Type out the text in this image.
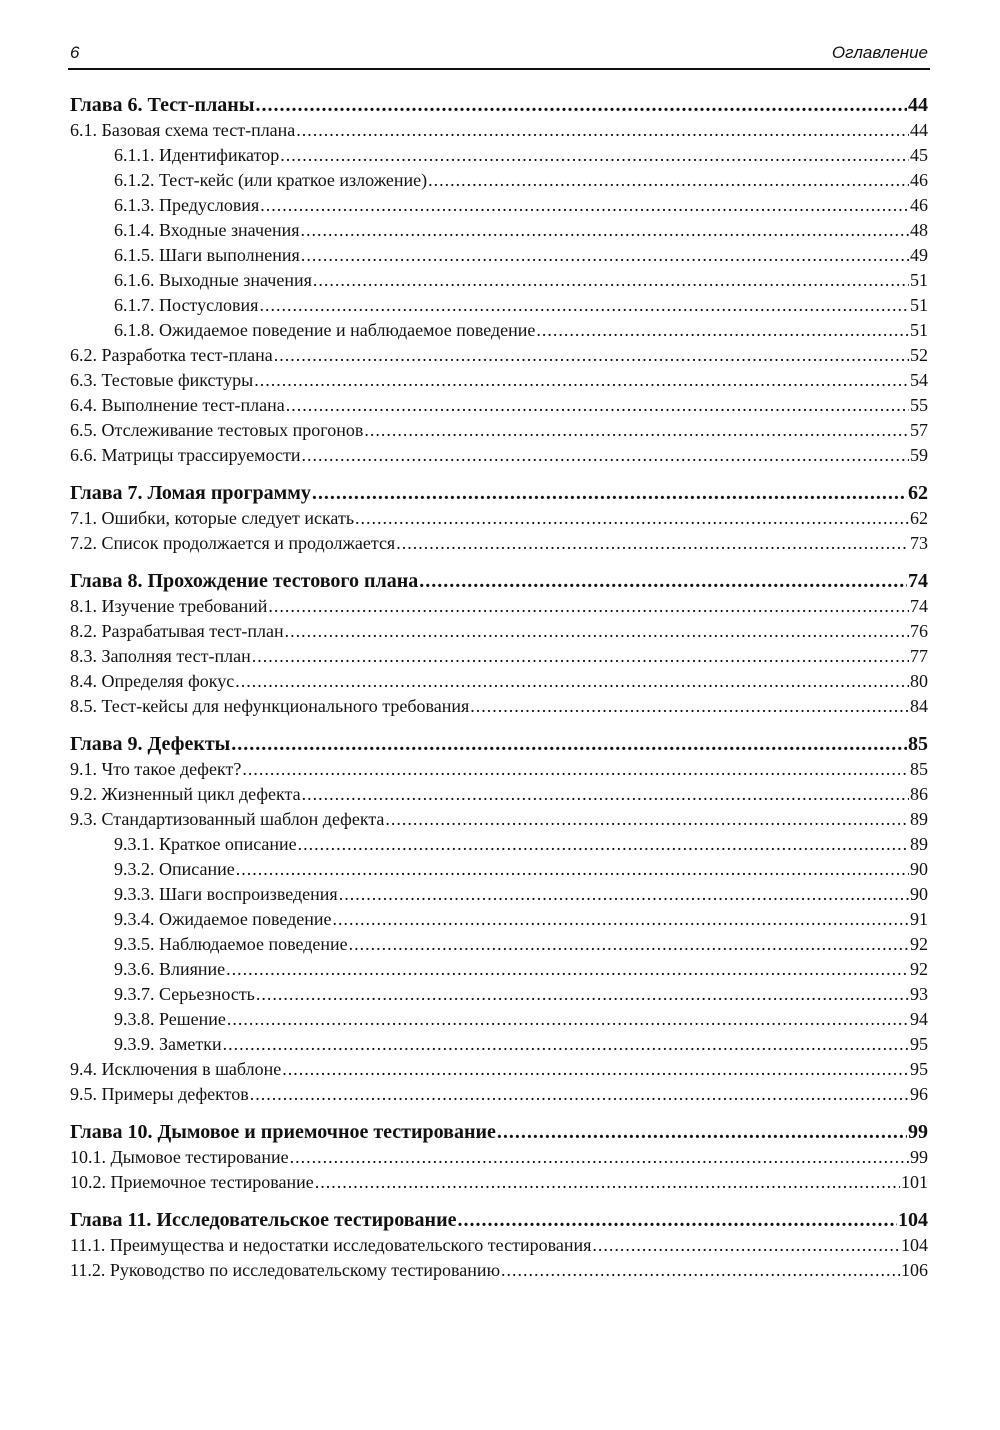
6	Оглавление
Глава 6. Тест-планы .....	44
6.1. Базовая схема тест-плана .....	44
6.1.1. Идентификатор .....	45
6.1.2. Тест-кейс (или краткое изложение) .....	46
6.1.3. Предусловия .....	46
6.1.4. Входные значения .....	48
6.1.5. Шаги выполнения .....	49
6.1.6. Выходные значения .....	51
6.1.7. Постусловия .....	51
6.1.8. Ожидаемое поведение и наблюдаемое поведение .....	51
6.2. Разработка тест-плана .....	52
6.3. Тестовые фикстуры .....	54
6.4. Выполнение тест-плана .....	55
6.5. Отслеживание тестовых прогонов .....	57
6.6. Матрицы трассируемости .....	59
Глава 7. Ломая программу .....	62
7.1. Ошибки, которые следует искать .....	62
7.2. Список продолжается и продолжается .....	73
Глава 8. Прохождение тестового плана .....	74
8.1. Изучение требований .....	74
8.2. Разрабатывая тест-план .....	76
8.3. Заполняя тест-план .....	77
8.4. Определяя фокус .....	80
8.5. Тест-кейсы для нефункционального требования .....	84
Глава 9. Дефекты .....	85
9.1. Что такое дефект? .....	85
9.2. Жизненный цикл дефекта .....	86
9.3. Стандартизованный шаблон дефекта .....	89
9.3.1. Краткое описание .....	89
9.3.2. Описание .....	90
9.3.3. Шаги воспроизведения .....	90
9.3.4. Ожидаемое поведение .....	91
9.3.5. Наблюдаемое поведение .....	92
9.3.6. Влияние .....	92
9.3.7. Серьезность .....	93
9.3.8. Решение .....	94
9.3.9. Заметки .....	95
9.4. Исключения в шаблоне .....	95
9.5. Примеры дефектов .....	96
Глава 10. Дымовое и приемочное тестирование .....	99
10.1. Дымовое тестирование .....	99
10.2. Приемочное тестирование .....	101
Глава 11. Исследовательское тестирование .....	104
11.1. Преимущества и недостатки исследовательского тестирования .....	104
11.2. Руководство по исследовательскому тестированию .....	106
